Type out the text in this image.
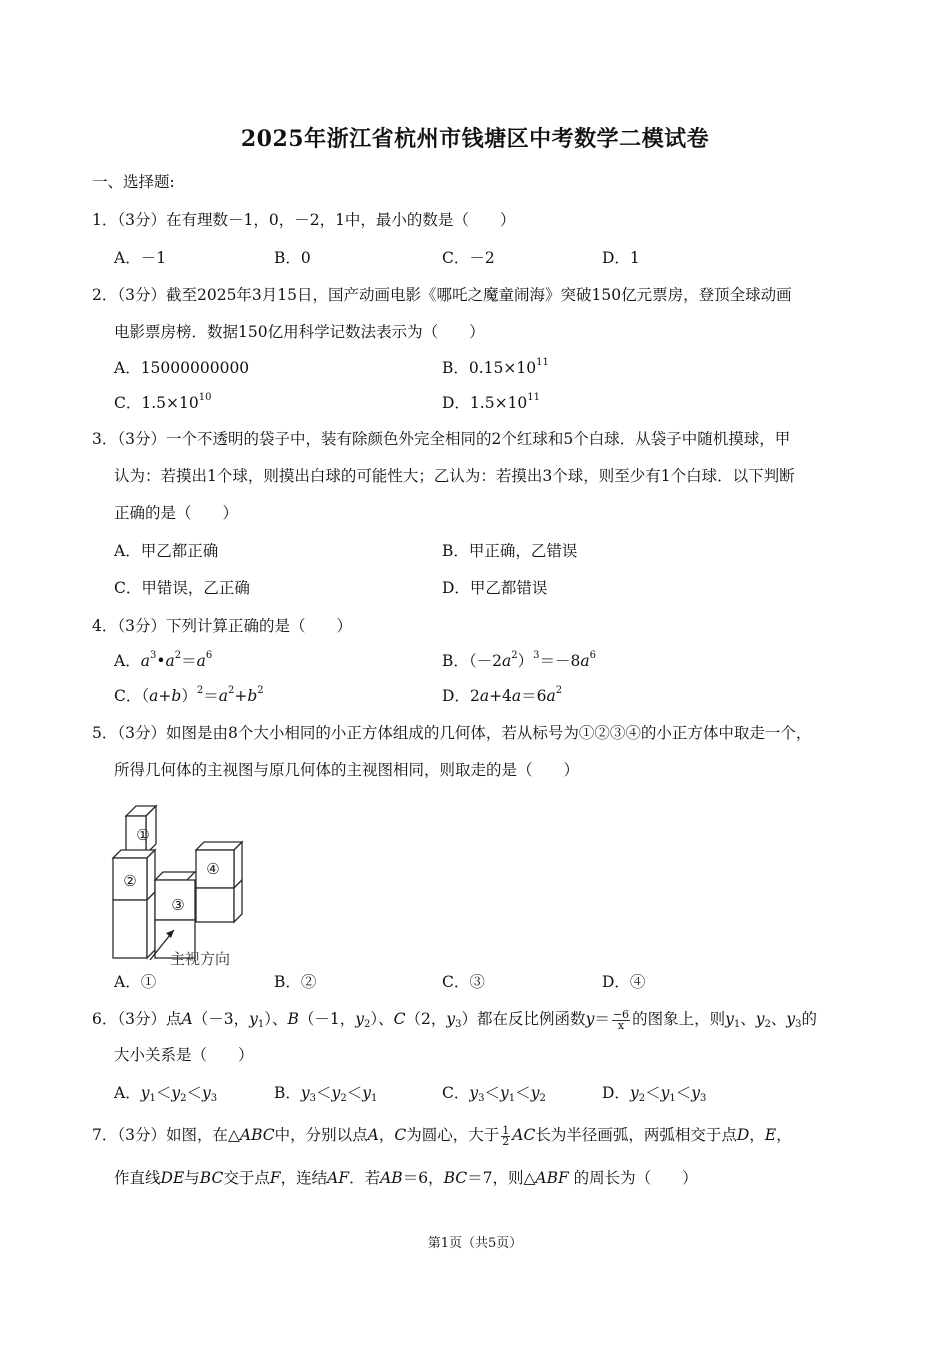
2025年浙江省杭州市钱塘区中考数学二模试卷
一、选择题:
1．（3分）在有理数－1，0，－2，1中，最小的数是（　　）
A．－1	B．0	C．－2	D．1
2．（3分）截至2025年3月15日，国产动画电影《哪吒之魔童闹海》突破150亿元票房，登顶全球动画
电影票房榜．数据150亿用科学记数法表示为（　　）
A．15000000000	B．$0.15\times 10^{11}$
C．$1.5\times 10^{10}$	D．$1.5\times 10^{11}$
3．（3分）一个不透明的袋子中，装有除颜色外完全相同的2个红球和5个白球．从袋子中随机摸球，甲
认为：若摸出1个球，则摸出白球的可能性大；乙认为：若摸出3个球，则至少有1个白球．以下判断
正确的是（　　）
A．甲乙都正确	B．甲正确，乙错误
C．甲错误，乙正确	D．甲乙都错误
4．（3分）下列计算正确的是（　　）
A．$a^3•a^2=a^6$	B．$(-2a^2)^3=-8a^6$
C．$(a+b)^2=a^2+b^2$	D．$2a+4a=6a^2$
5．（3分）如图是由8个大小相同的小正方体组成的几何体，若从标号为①②③④的小正方体中取走一个，
所得几何体的主视图与原几何体的主视图相同，则取走的是（　　）
①
②
③
④
主视方向
A．①	B．②	C．③	D．④
6．（3分）点A（－3，$y_1$）、B（－1，$y_2$）、C（2，$y_3$）都在反比例函数$y= \frac{-6}{x}$ 的图象上，则$y_1$、$y_2$、$y_3$的
大小关系是（　　）
A．$y_1<y_2<y_3$	B．$y_3<y_2<y_1$	C．$y_3<y_1<y_2$	D．$y_2<y_1<y_3$
7．（3分）如图，在△ABC中，分别以点A，C为圆心，大于 $\frac{1}{2}$ AC长为半径画弧，两弧相交于点D，E，
作直线DE与BC交于点F，连结AF．若AB＝6，BC＝7，则△ABF 的周长为（　　）
第1页（共5页）
